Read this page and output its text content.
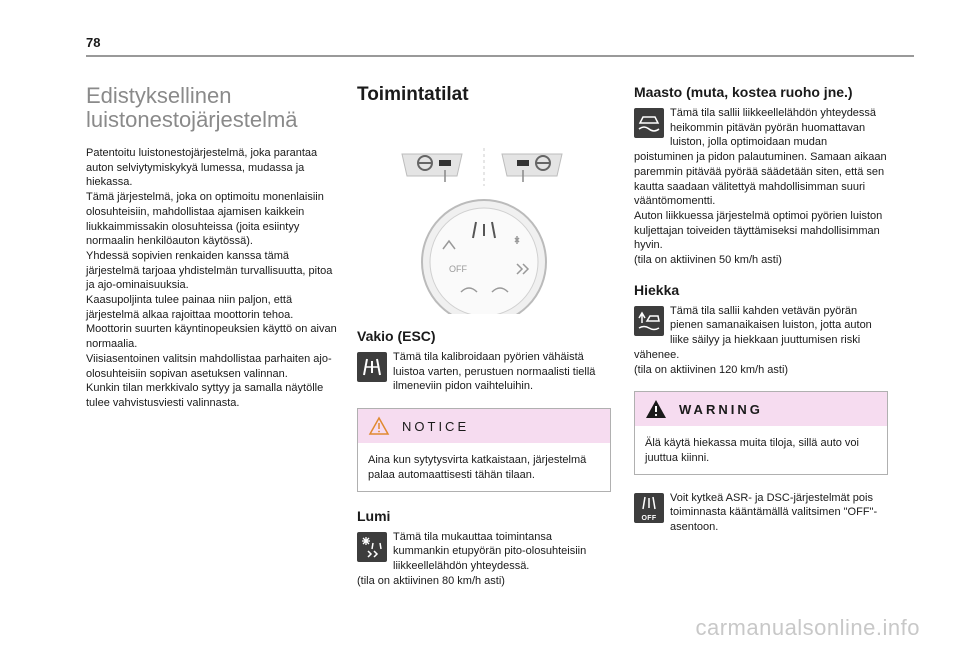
78
Edistyksellinen luistonestojärjestelmä

Patentoitu luistonestojärjestelmä, joka parantaa auton selviytymiskykyä lumessa, mudassa ja hiekassa.
Tämä järjestelmä, joka on optimoitu monenlaisiin olosuhteisiin, mahdollistaa ajamisen kaikkein liukkaimmissakin olosuhteissa (joita esiintyy normaalin henkilöauton käytössä).
Yhdessä sopivien renkaiden kanssa tämä järjestelmä tarjoaa yhdistelmän turvallisuutta, pitoa ja ajo-ominaisuuksia.
Kaasupoljinta tulee painaa niin paljon, että järjestelmä alkaa rajoittaa moottorin tehoa. Moottorin suurten käyntinopeuksien käyttö on aivan normaalia.
Viisiasentoinen valitsin mahdollistaa parhaiten ajo-olosuhteisiin sopivan asetuksen valinnan.
Kunkin tilan merkkivalo syttyy ja samalla näytölle tulee vahvistusviesti valinnasta.

Toimintatilat
OFF
Vakio (ESC)

Tämä tila kalibroidaan pyörien vähäistä luistoa varten, perustuen normaalisti tiellä ilmeneviin pidon vaihteluihin.

NOTICE
Aina kun sytytysvirta katkaistaan, järjestelmä palaa automaattisesti tähän tilaan.
Lumi

Tämä tila mukauttaa toimintansa kummankin etupyörän pito-olosuhteisiin liikkeellelähdön yhteydessä.
(tila on aktiivinen 80 km/h asti)

Maasto (muta, kostea ruoho jne.)

Tämä tila sallii liikkeellelähdön yhteydessä heikommin pitävän pyörän huomattavan luiston, jolla optimoidaan mudan poistuminen ja pidon palautuminen. Samaan aikaan paremmin pitävää pyörää säädetään siten, että sen kautta saadaan välitettyä mahdollisimman suuri vääntömomentti.
Auton liikkuessa järjestelmä optimoi pyörien luiston kuljettajan toiveiden täyttämiseksi mahdollisimman hyvin.
(tila on aktiivinen 50 km/h asti)

Hiekka

Tämä tila sallii kahden vetävän pyörän pienen samanaikaisen luiston, jotta auton liike säilyy ja hiekkaan juuttumisen riski vähenee.
(tila on aktiivinen 120 km/h asti)

WARNING
Älä käytä hiekassa muita tiloja, sillä auto voi juuttua kiinni.
OFF

Voit kytkeä ASR- ja DSC-järjestelmät pois toiminnasta kääntämällä valitsimen "OFF"-asentoon.

carmanualsonline.info
